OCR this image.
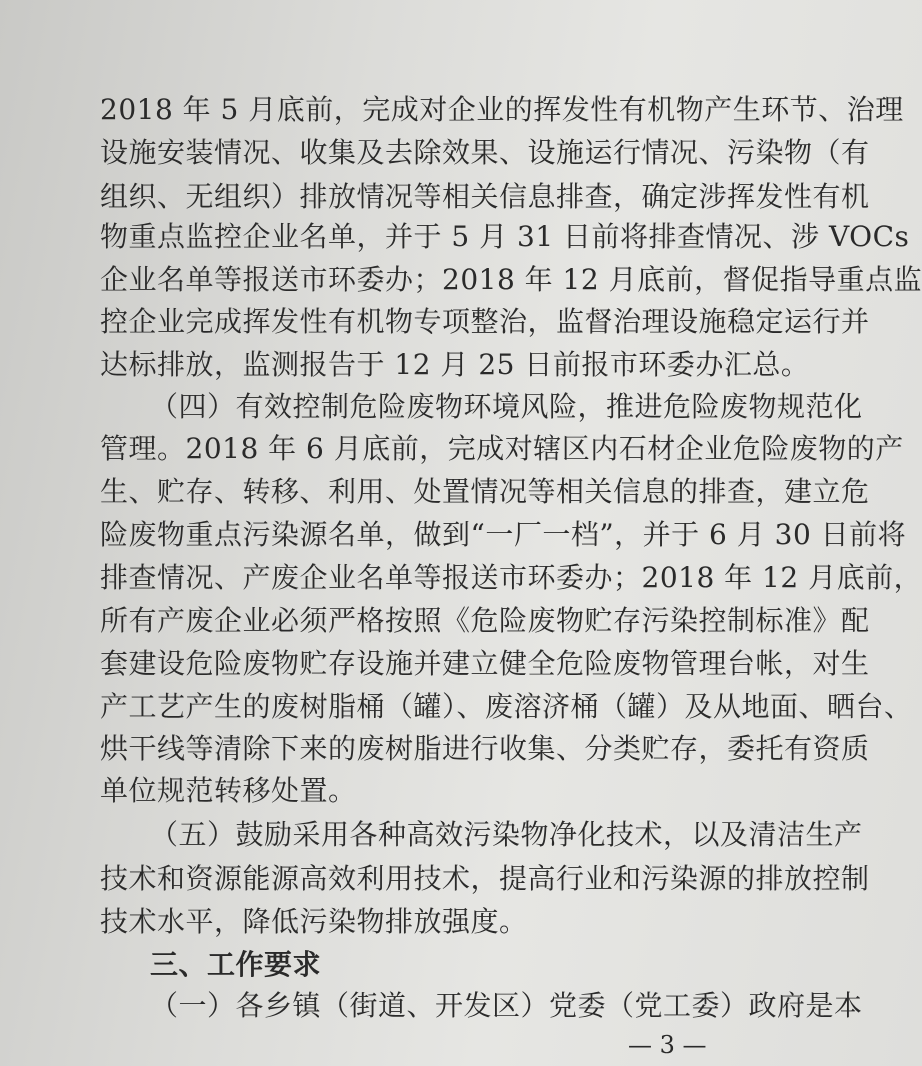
2018 年 5 月底前，完成对企业的挥发性有机物产生环节、治理
设施安装情况、收集及去除效果、设施运行情况、污染物（有
组织、无组织）排放情况等相关信息排查，确定涉挥发性有机
物重点监控企业名单，并于 5 月 31 日前将排查情况、涉 VOCs
企业名单等报送市环委办；2018 年 12 月底前，督促指导重点监
控企业完成挥发性有机物专项整治，监督治理设施稳定运行并
达标排放，监测报告于 12 月 25 日前报市环委办汇总。
（四）有效控制危险废物环境风险，推进危险废物规范化
管理。2018 年 6 月底前，完成对辖区内石材企业危险废物的产
生、贮存、转移、利用、处置情况等相关信息的排查，建立危
险废物重点污染源名单，做到“一厂一档”，并于 6 月 30 日前将
排查情况、产废企业名单等报送市环委办；2018 年 12 月底前，
所有产废企业必须严格按照《危险废物贮存污染控制标准》配
套建设危险废物贮存设施并建立健全危险废物管理台帐，对生
产工艺产生的废树脂桶（罐）、废溶济桶（罐）及从地面、晒台、
烘干线等清除下来的废树脂进行收集、分类贮存，委托有资质
单位规范转移处置。
（五）鼓励采用各种高效污染物净化技术，以及清洁生产
技术和资源能源高效利用技术，提高行业和污染源的排放控制
技术水平，降低污染物排放强度。
三、工作要求
（一）各乡镇（街道、开发区）党委（党工委）政府是本
— 3 —
